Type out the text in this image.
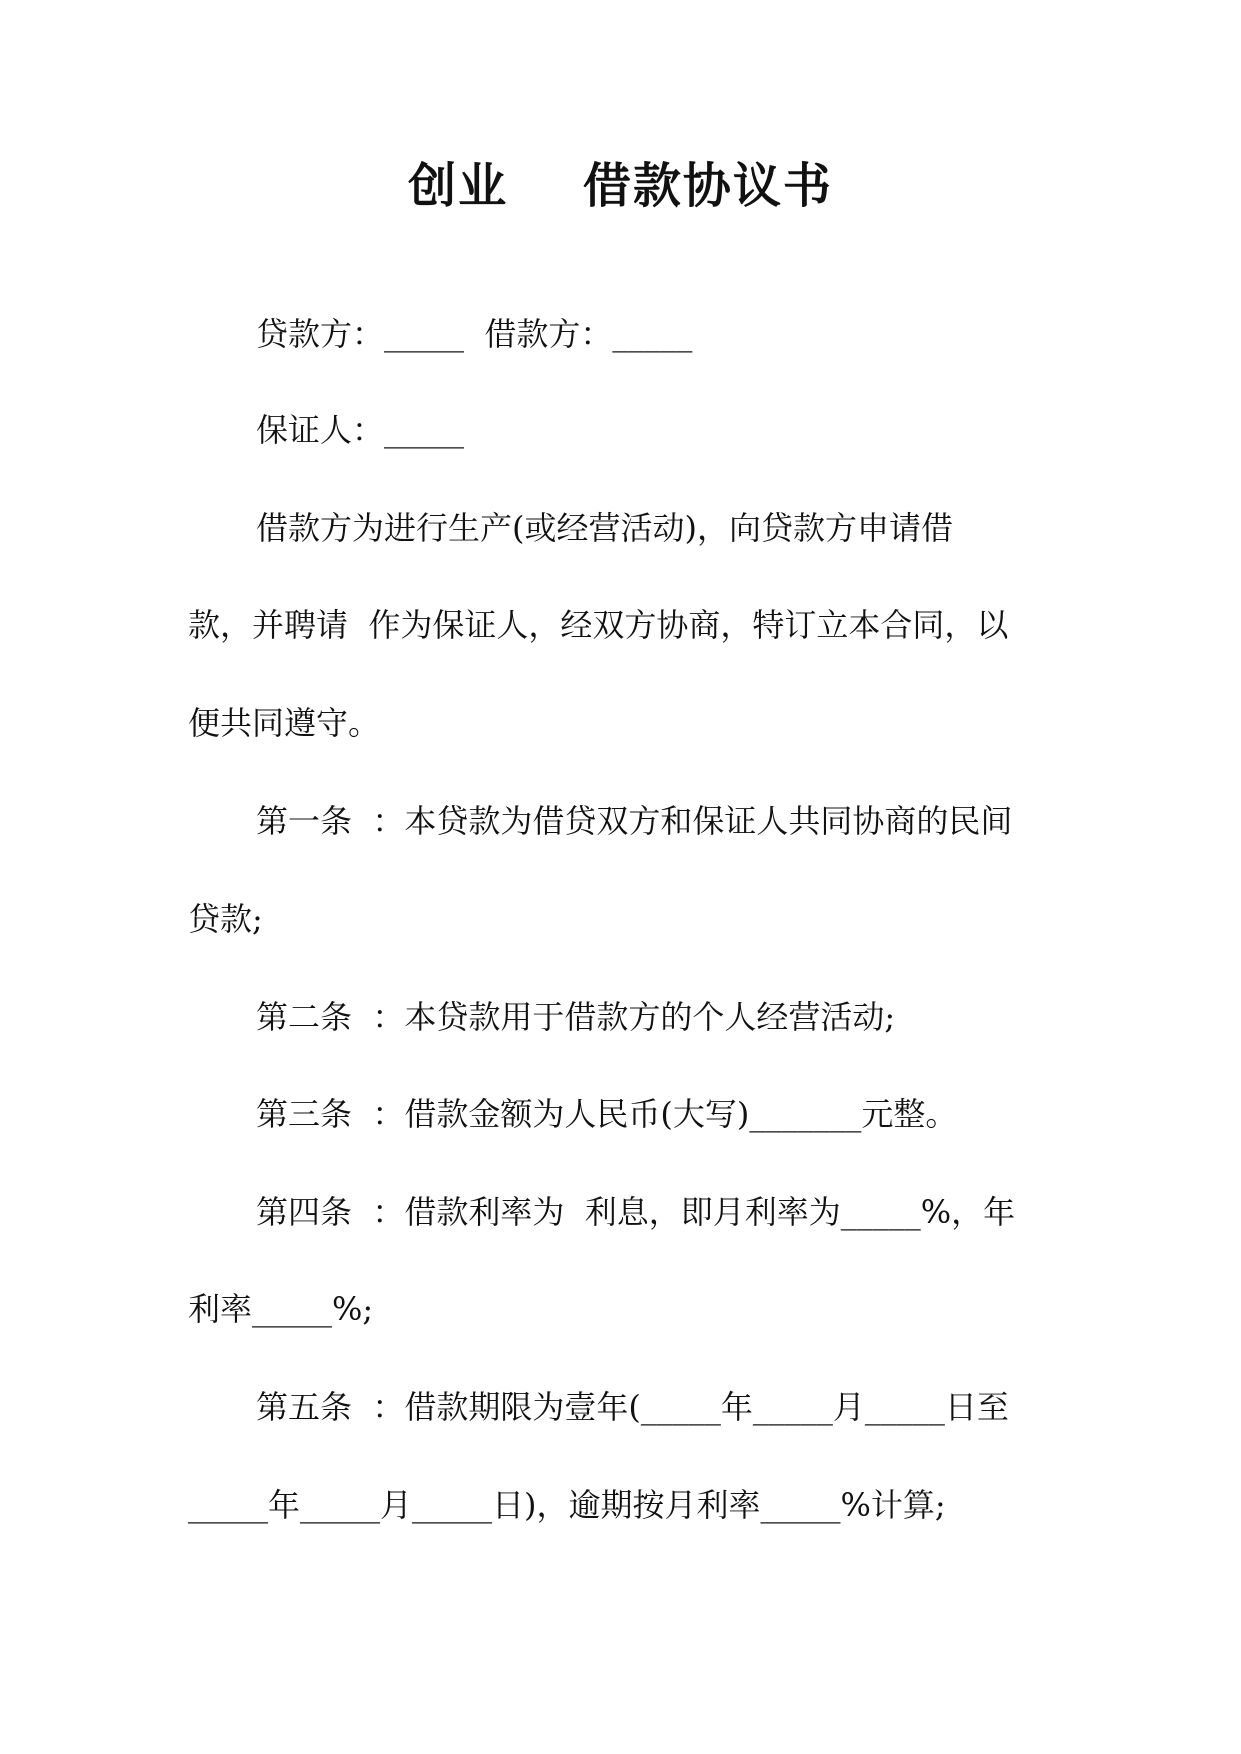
创业    借款协议书

贷款方：_____  借款方：_____

保证人：_____

借款方为进行生产(或经营活动)，向贷款方申请借

款，并聘请  作为保证人，经双方协商，特订立本合同，以

便共同遵守。

第一条  ：本贷款为借贷双方和保证人共同协商的民间

贷款;

第二条  ：本贷款用于借款方的个人经营活动;

第三条  ：借款金额为人民币(大写)_______元整。

第四条  ：借款利率为  利息，即月利率为_____%，年

利率_____%;

第五条  ：借款期限为壹年(_____年_____月_____日至

_____年_____月_____日)，逾期按月利率_____%计算;
